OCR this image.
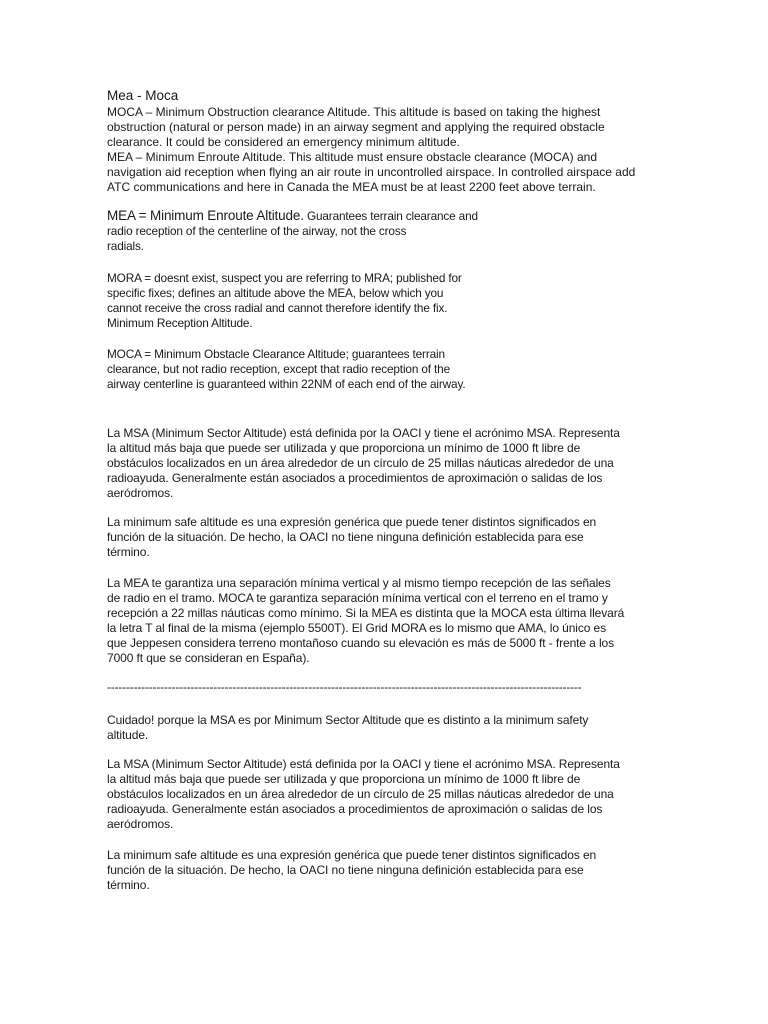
Mea - Moca

MOCA – Minimum Obstruction clearance Altitude. This altitude is based on taking the highest

obstruction (natural or person made) in an airway segment and applying the required obstacle

clearance. It could be considered an emergency minimum altitude.

MEA – Minimum Enroute Altitude. This altitude must ensure obstacle clearance (MOCA) and

navigation aid reception when flying an air route in uncontrolled airspace. In controlled airspace add

ATC communications and here in Canada the MEA must be at least 2200 feet above terrain.

MEA = Minimum Enroute Altitude. Guarantees terrain clearance and

radio reception of the centerline of the airway, not the cross

radials.

MORA = doesnt exist, suspect you are referring to MRA; published for

specific fixes; defines an altitude above the MEA, below which you

cannot receive the cross radial and cannot therefore identify the fix.

Minimum Reception Altitude.

MOCA = Minimum Obstacle Clearance Altitude; guarantees terrain

clearance, but not radio reception, except that radio reception of the

airway centerline is guaranteed within 22NM of each end of the airway.

La MSA (Minimum Sector Altitude) está definida por la OACI y tiene el acrónimo MSA. Representa

la altitud más baja que puede ser utilizada y que proporciona un mínimo de 1000 ft libre de

obstáculos localizados en un área alrededor de un círculo de 25 millas náuticas alrededor de una

radioayuda. Generalmente están asociados a procedimientos de aproximación o salidas de los

aeródromos.

La minimum safe altitude es una expresión genérica que puede tener distintos significados en

función de la situación. De hecho, la OACI no tiene ninguna definición establecida para ese

término.

La MEA te garantiza una separación mínima vertical y al mismo tiempo recepción de las señales

de radio en el tramo. MOCA te garantiza separación mínima vertical con el terreno en el tramo y

recepción a 22 millas náuticas como mínimo. Si la MEA es distinta que la MOCA esta última llevará

la letra T al final de la misma (ejemplo 5500T). El Grid MORA es lo mismo que AMA, lo único es

que Jeppesen considera terreno montañoso cuando su elevación es más de 5000 ft - frente a los

7000 ft que se consideran en España).

-----------------------------------------------------------------------------------------------------------------------------

Cuidado! porque la MSA es por Minimum Sector Altitude que es distinto a la minimum safety

altitude.

La MSA (Minimum Sector Altitude) está definida por la OACI y tiene el acrónimo MSA. Representa

la altitud más baja que puede ser utilizada y que proporciona un mínimo de 1000 ft libre de

obstáculos localizados en un área alrededor de un círculo de 25 millas náuticas alrededor de una

radioayuda. Generalmente están asociados a procedimientos de aproximación o salidas de los

aeródromos.

La minimum safe altitude es una expresión genérica que puede tener distintos significados en

función de la situación. De hecho, la OACI no tiene ninguna definición establecida para ese

término.
